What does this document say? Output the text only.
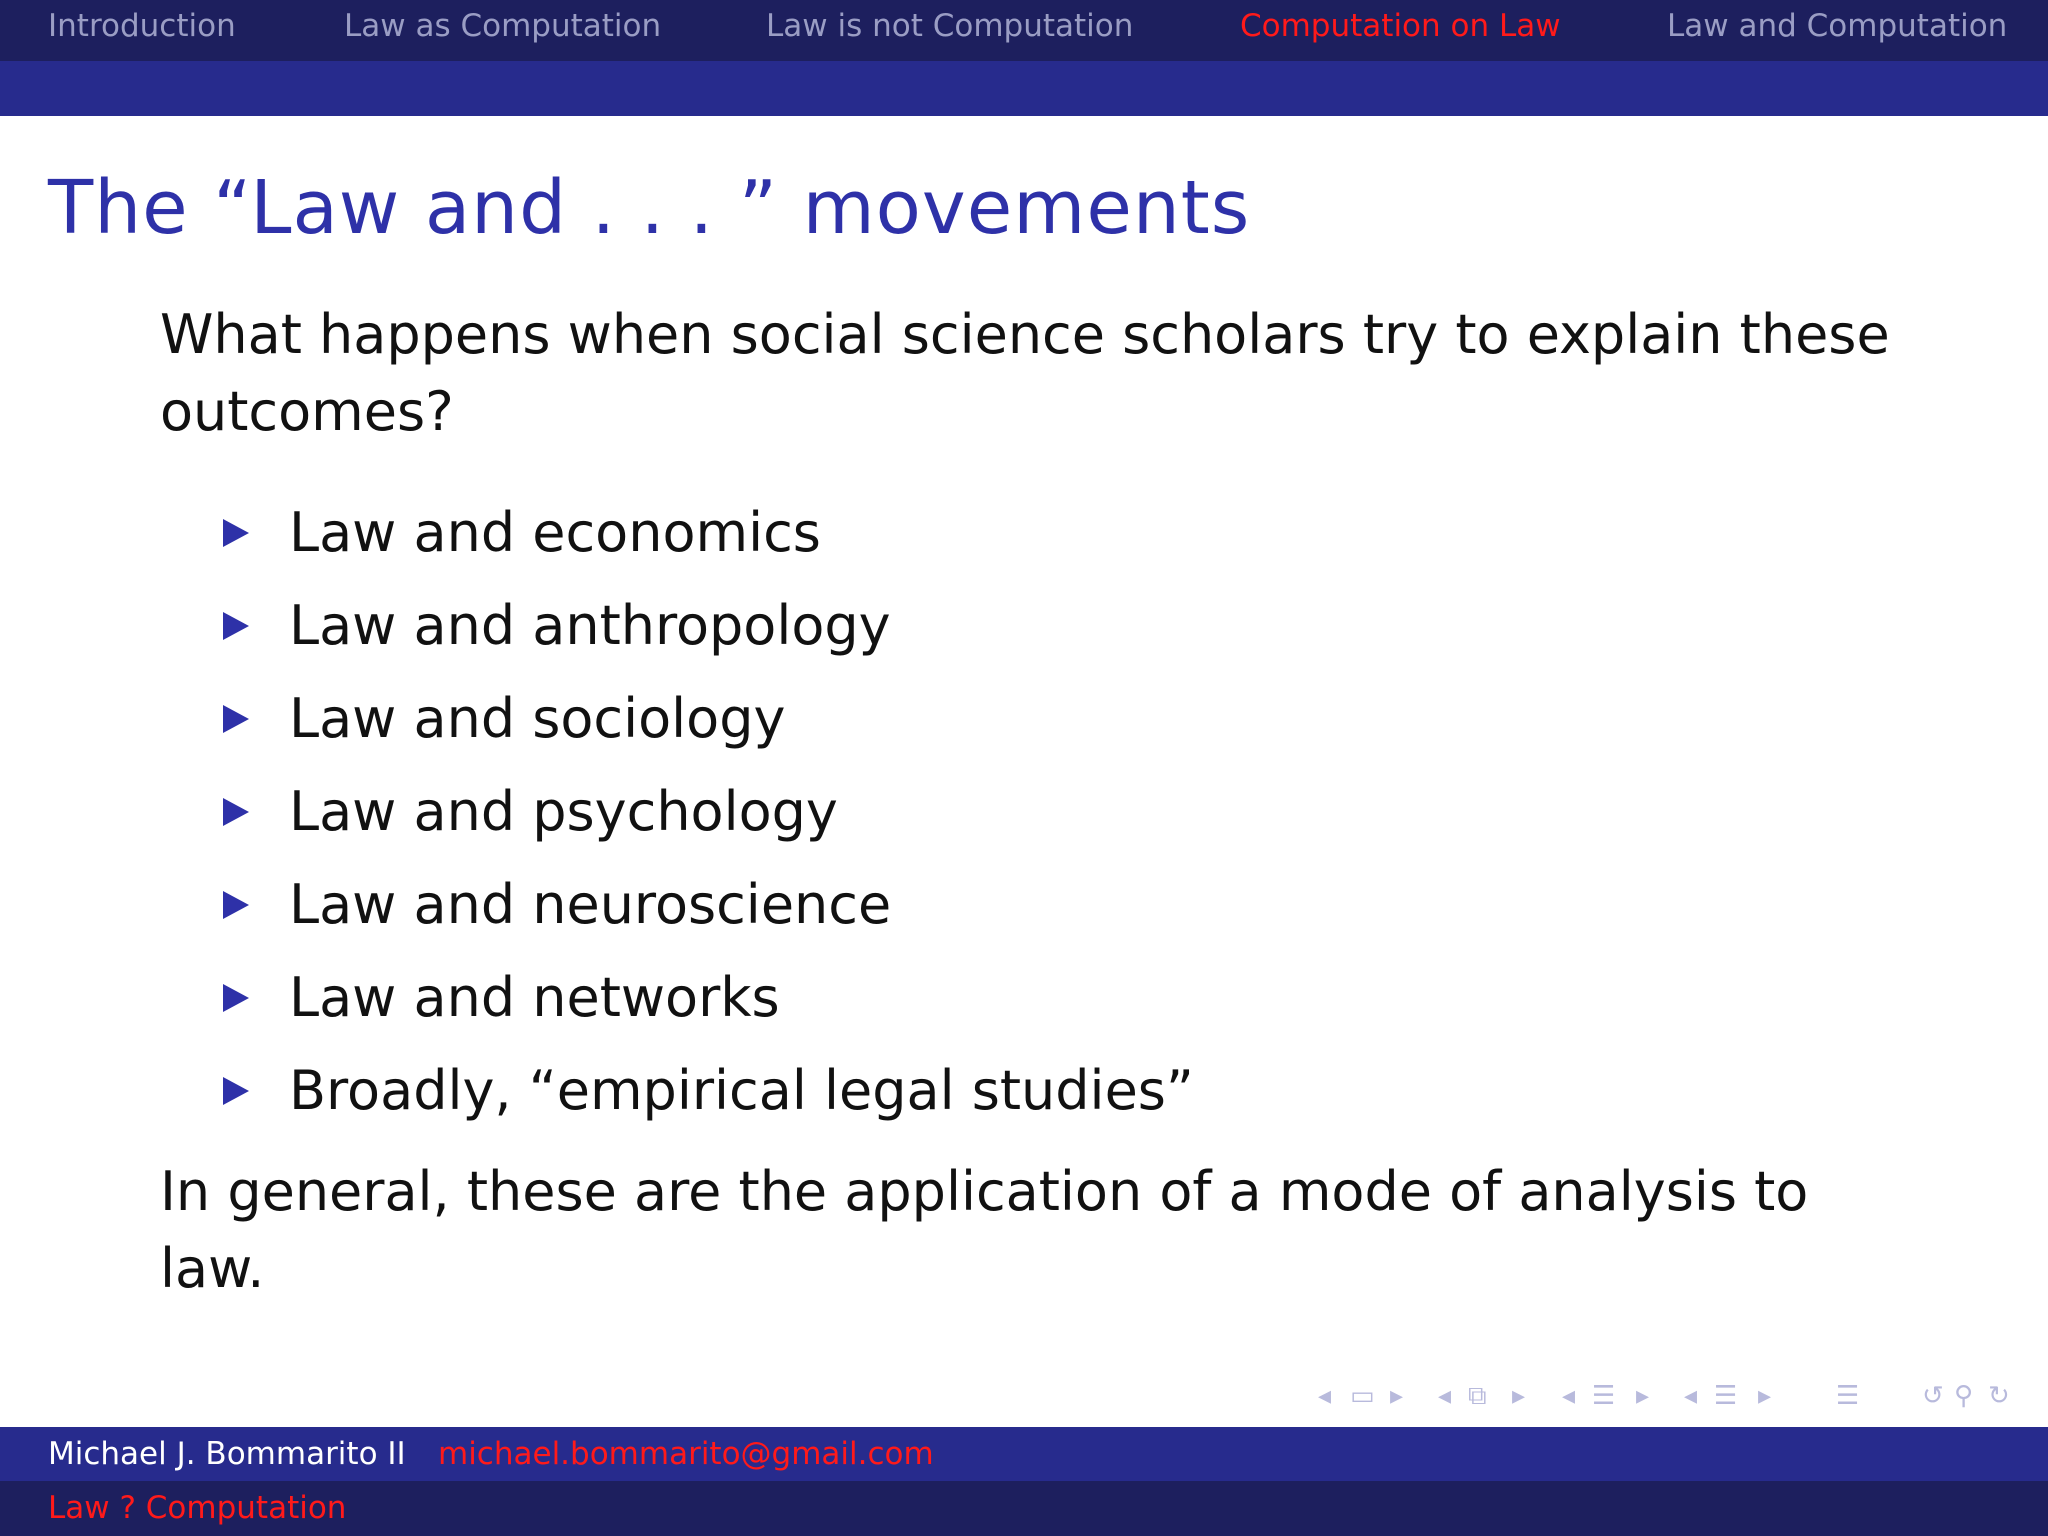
Introduction	Law as Computation	Law is not Computation	Computation on Law	Law and Computation
The “Law and . . . ” movements
What happens when social science scholars try to explain these outcomes?
Law and economics
Law and anthropology
Law and sociology
Law and psychology
Law and neuroscience
Law and networks
Broadly, “empirical legal studies”
In general, these are the application of a mode of analysis to law.
◂ ▭ ▸ ◂ ⧉ ▸ ◂ ☰ ▸ ◂ ☰ ▸ ☰ ↺ ⚲ ↻
Michael J. Bommarito II michael.bommarito@gmail.com
Law ? Computation
